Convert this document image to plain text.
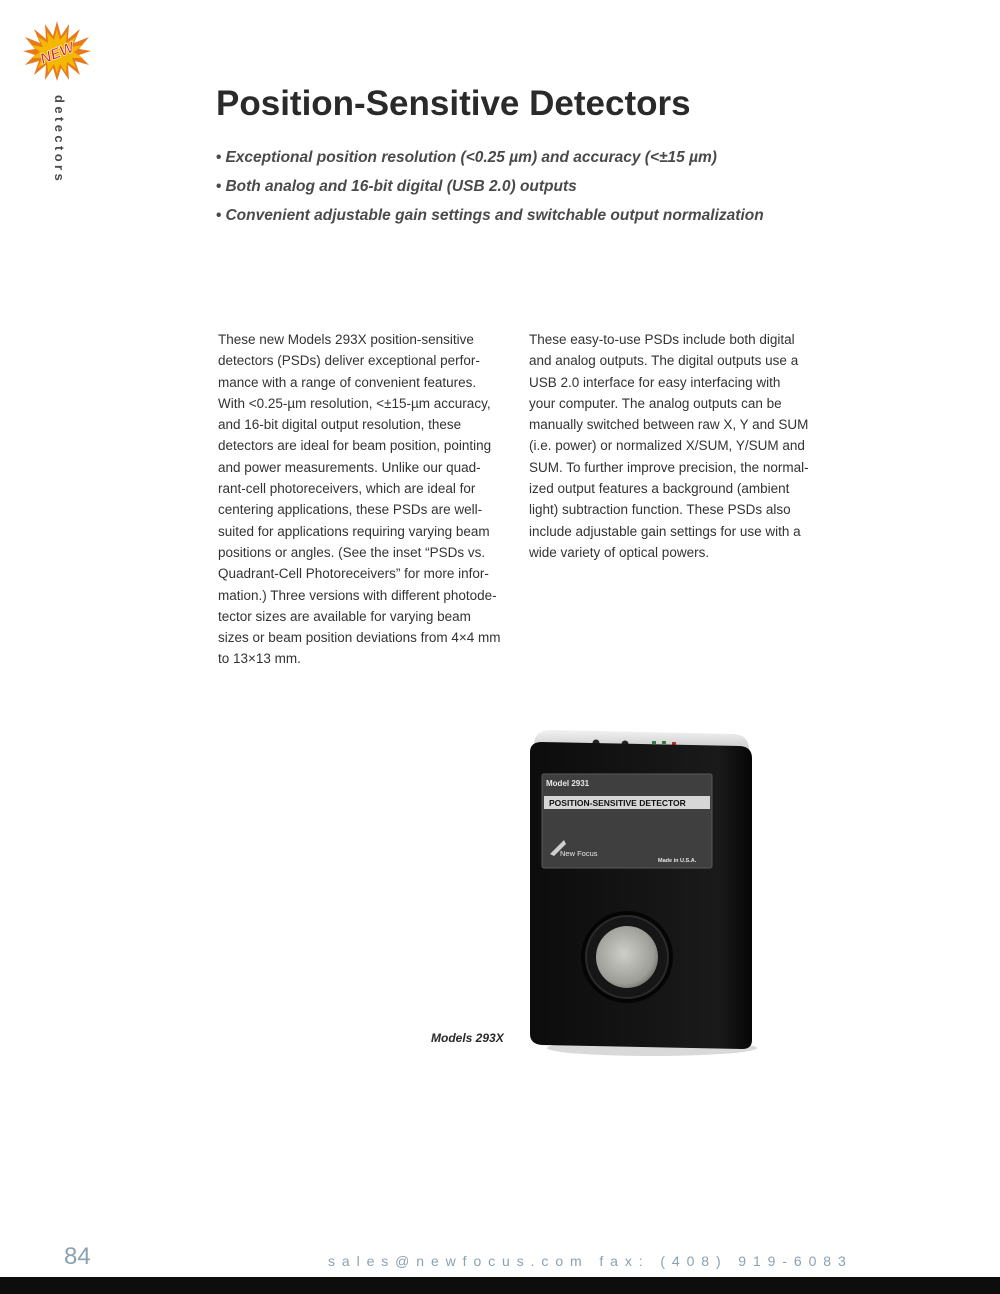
NEW
detectors	Position-Sensitive Detectors
• Exceptional position resolution (<0.25 µm) and accuracy (<±15 µm)
• Both analog and 16-bit digital (USB 2.0) outputs
• Convenient adjustable gain settings and switchable output normalization
These new Models 293X position-sensitive
detectors (PSDs) deliver exceptional perfor-
mance with a range of convenient features.
With <0.25-µm resolution, <±15-µm accuracy,
and 16-bit digital output resolution, these
detectors are ideal for beam position, pointing
and power measurements. Unlike our quad-
rant-cell photoreceivers, which are ideal for
centering applications, these PSDs are well-
suited for applications requiring varying beam
positions or angles. (See the inset “PSDs vs.
Quadrant-Cell Photoreceivers” for more infor-
mation.) Three versions with different photode-
tector sizes are available for varying beam
sizes or beam position deviations from 4×4 mm
to 13×13 mm.
These easy-to-use PSDs include both digital
and analog outputs. The digital outputs use a
USB 2.0 interface for easy interfacing with
your computer. The analog outputs can be
manually switched between raw X, Y and SUM
(i.e. power) or normalized X/SUM, Y/SUM and
SUM. To further improve precision, the normal-
ized output features a background (ambient
light) subtraction function. These PSDs also
include adjustable gain settings for use with a
wide variety of optical powers.
Model 2931
POSITION-SENSITIVE DETECTOR
New Focus
Made in U.S.A.
Models 293X
84	sales@newfocus.com fax: (408) 919-6083
